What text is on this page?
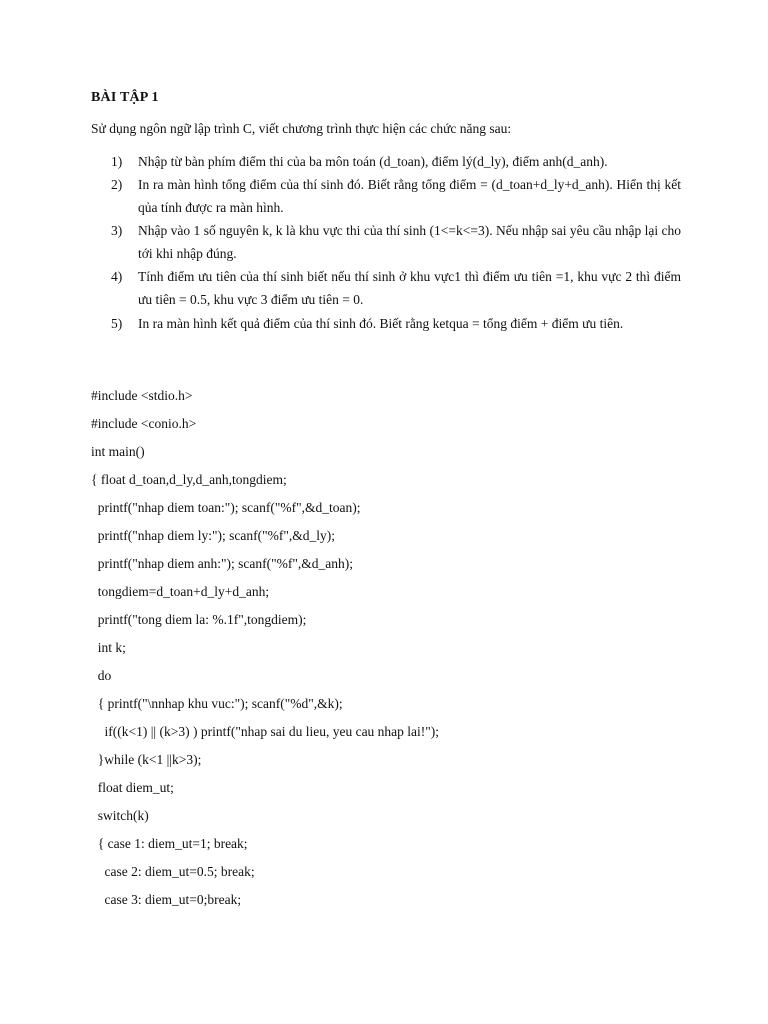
BÀI TẬP 1
Sử dụng ngôn ngữ lập trình C, viết chương trình thực hiện các chức năng sau:
1) Nhập từ bàn phím điểm thi của ba môn toán (d_toan), điểm lý(d_ly), điểm anh(d_anh).
2) In ra màn hình tổng điểm của thí sinh đó. Biết rằng tổng điểm = (d_toan+d_ly+d_anh). Hiển thị kết qủa tính được ra màn hình.
3) Nhập vào 1 số nguyên k, k là khu vực thi của thí sinh (1<=k<=3). Nếu nhập sai yêu cầu nhập lại cho tới khi nhập đúng.
4) Tính điểm ưu tiên của thí sinh biết nếu thí sinh ở khu vực1 thì điểm ưu tiên =1, khu vực 2 thì điểm ưu tiên = 0.5, khu vực 3 điểm ưu tiên = 0.
5) In ra màn hình kết quả điểm của thí sinh đó. Biết rằng ketqua = tổng điểm + điểm ưu tiên.
#include <stdio.h>
#include <conio.h>
int main()
{ float d_toan,d_ly,d_anh,tongdiem;
printf("nhap diem toan:"); scanf("%f",&d_toan);
printf("nhap diem ly:"); scanf("%f",&d_ly);
printf("nhap diem anh:"); scanf("%f",&d_anh);
tongdiem=d_toan+d_ly+d_anh;
printf("tong diem la: %.1f",tongdiem);
int k;
do
{ printf("\nnhap khu vuc:"); scanf("%d",&k);
if((k<1) || (k>3) ) printf("nhap sai du lieu, yeu cau nhap lai!");
}while (k<1 ||k>3);
float diem_ut;
switch(k)
{ case 1: diem_ut=1; break;
case 2: diem_ut=0.5; break;
case 3: diem_ut=0;break;
